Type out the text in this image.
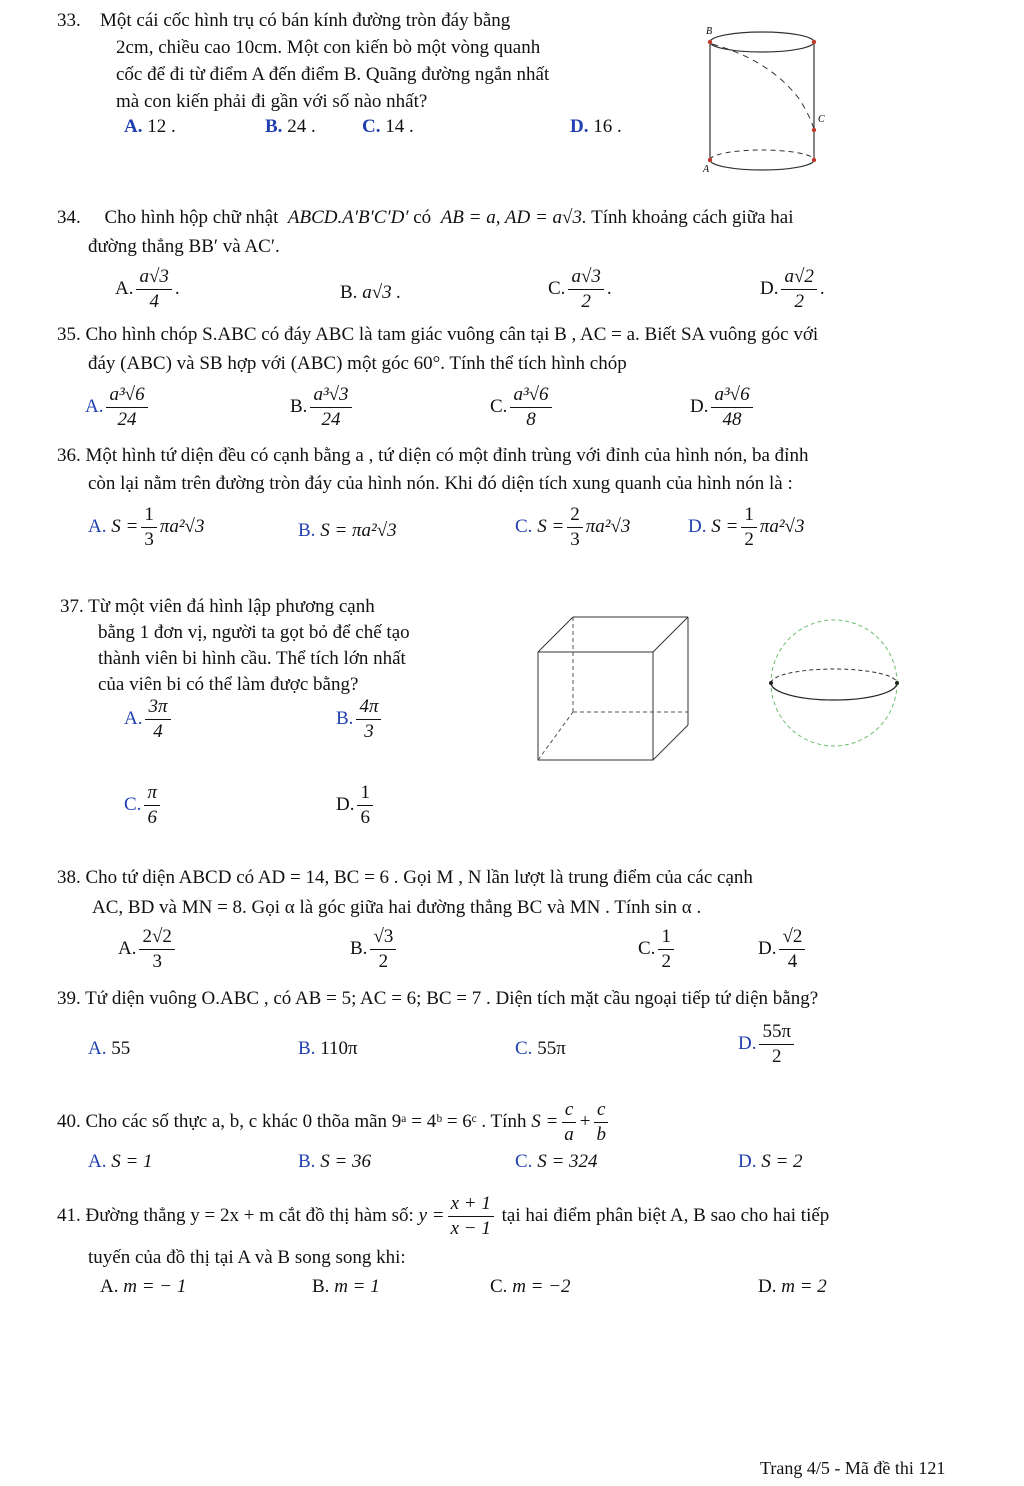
33. Một cái cốc hình trụ có bán kính đường tròn đáy bằng
2cm, chiều cao 10cm. Một con kiến bò một vòng quanh
cốc để đi từ điểm A đến điểm B. Quãng đường ngắn nhất
mà con kiến phải đi gần với số nào nhất?
A. 12 .	B. 24 . C. 14 .	D. 16 .
B
C
A
34. Cho hình hộp chữ nhật ABCD.A′B′C′D′ có AB = a, AD = a√3. Tính khoảng cách giữa hai
đường thẳng BB′ và AC′.
A. $\frac{a√3}{4}$ .	B. a√3 .	C. $\frac{a√3}{2}$ .	D. $\frac{a√2}{2}$ .
35. Cho hình chóp S.ABC có đáy ABC là tam giác vuông cân tại B , AC = a. Biết SA vuông góc với
đáy (ABC) và SB hợp với (ABC) một góc 60°. Tính thể tích hình chóp
A. $\frac{\text{a³√6}}{24}$	B. $\frac{\text{a³√3}}{24}$	C. $\frac{\text{a³√6}}{8}$	D. $\frac{\text{a³√6}}{48}$
36. Một hình tứ diện đều có cạnh bằng a , tứ diện có một đỉnh trùng với đỉnh của hình nón, ba đỉnh
còn lại nằm trên đường tròn đáy của hình nón. Khi đó diện tích xung quanh của hình nón là :
A. $S = \frac{1}{3} \pi a^2√3$	B. S = πa²√3	C. $S = \frac{2}{3} \pi a^2√3$	D. $S = \frac{1}{2} \pi a^2√3$
37. Từ một viên đá hình lập phương cạnh
bằng 1 đơn vị, người ta gọt bỏ để chế tạo
thành viên bi hình cầu. Thể tích lớn nhất
của viên bi có thể làm được bằng?
A. $\frac{3\pi}{4}$	B. $\frac{4\pi}{3}$
C. $\frac{\pi}{6}$	D. $\frac{1}{6}$
38. Cho tứ diện ABCD có AD = 14, BC = 6 . Gọi M , N lần lượt là trung điểm của các cạnh
AC, BD và MN = 8. Gọi α là góc giữa hai đường thẳng BC và MN . Tính sin α .
A. $\frac{2√2}{3}$	B. $\frac{√3}{2}$	C. $\frac{1}{2}$	D. $\frac{√2}{4}$
39. Tứ diện vuông O.ABC , có AB = 5; AC = 6; BC = 7 . Diện tích mặt cầu ngoại tiếp tứ diện bằng?
A. 55	B. 110π	C. 55π	D. $\frac{55\pi}{2}$
40. Cho các số thực a, b, c khác 0 thõa mãn 9ᵃ = 4ᵇ = 6ᶜ . Tính $S = \frac{c}{a} + \frac{c}{b}$
A. S = 1	B. S = 36	C. S = 324	D. S = 2
41. Đường thẳng y = 2x + m cắt đồ thị hàm số: $y = \frac{x + 1}{x - 1}$ tại hai điểm phân biệt A, B sao cho hai tiếp
tuyến của đồ thị tại A và B song song khi:
A. m = − 1	B. m = 1	C. m = −2	D. m = 2
Trang 4/5 - Mã đề thi 121
